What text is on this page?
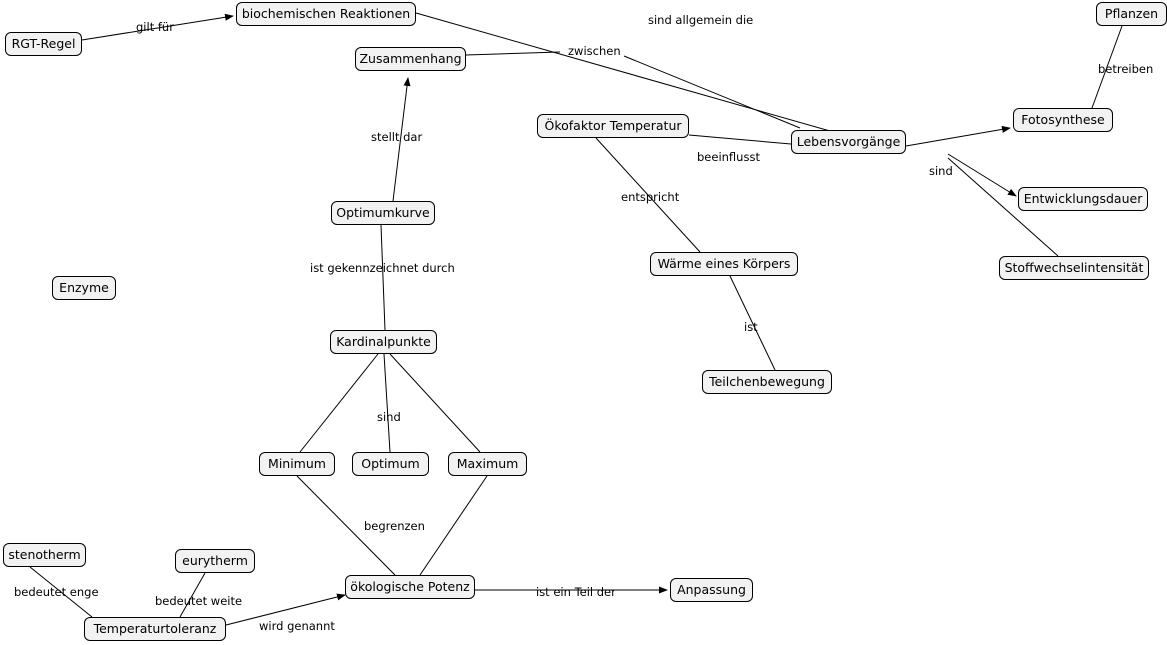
gilt für	sind allgemein die
zwischen
stellt dar
beeinflusst
entspricht
ist
betreiben
sind
ist gekennzeichnet durch
sind
begrenzen
ist ein Teil der
bedeutet enge
bedeutet weite
wird genannt
RGT-Regel
biochemischen Reaktionen
Zusammenhang
Ökofaktor Temperatur
Lebensvorgänge
Pflanzen
Fotosynthese
Entwicklungsdauer
Stoffwechselintensität
Wärme eines Körpers
Teilchenbewegung
Optimumkurve
Enzyme
Kardinalpunkte
Minimum	Optimum	Maximum
stenotherm	eurytherm
Temperaturtoleranz
ökologische Potenz	Anpassung
